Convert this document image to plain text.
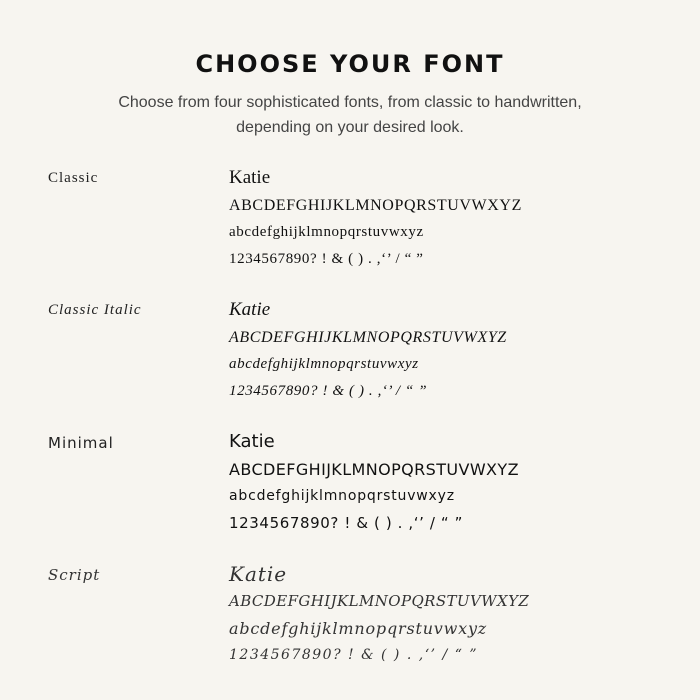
CHOOSE YOUR FONT
Choose from four sophisticated fonts, from classic to handwritten,
depending on your desired look.
Classic	Katie
ABCDEFGHIJKLMNOPQRSTUVWXYZ
abcdefghijklmnopqrstuvwxyz
1234567890? ! & ( ) . ,‘’ / “ ”
Classic Italic	Katie
ABCDEFGHIJKLMNOPQRSTUVWXYZ
abcdefghijklmnopqrstuvwxyz
1234567890? ! & ( ) . ,‘’ / “ ”
Minimal	Katie
ABCDEFGHIJKLMNOPQRSTUVWXYZ
abcdefghijklmnopqrstuvwxyz
1234567890? ! & ( ) . ,‘’ / “ ”
Script	Katie
ABCDEFGHIJKLMNOPQRSTUVWXYZ
abcdefghijklmnopqrstuvwxyz
1234567890? ! & ( ) . ,‘’ / “ ”
